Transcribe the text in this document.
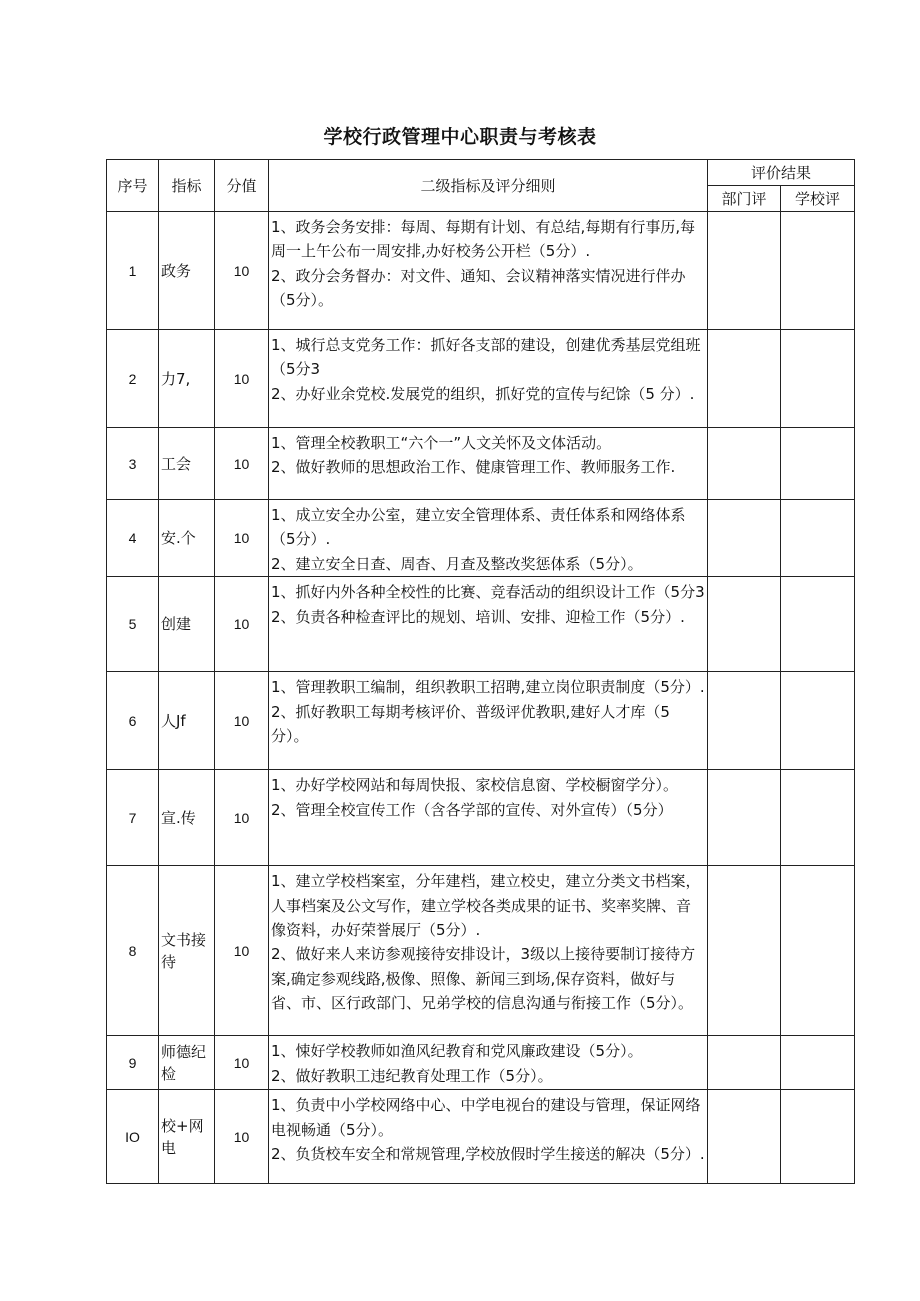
学校行政管理中心职责与考核表
序号	指标	分值	二级指标及评分细则	评价结果	
				部门评	学校评
1	政务	10	1、政务会务安排：每周、每期有计划、有总结,每期有行事历,每周一上午公布一周安排,办好校务公开栏（5分）.
2、政分会务督办：对文件、通知、会议精神落实情况进行伴办（5分）。		

2	力7,	10	1、城行总支党务工作：抓好各支部的建设，创建优秀基层党组班（5分3
2、办好业余党校.发展党的组织，抓好党的宣传与纪馀（5 分）.		

3	工会	10	1、管理全校教职工“六个一”人文关怀及文体活动。
2、做好教师的思想政治工作、健康管理工作、教师服务工作.		

4	安.个	10	1、成立安全办公室，建立安全管理体系、责任体系和网络体系（5分）.
2、建立安全日查、周杳、月查及整改奖惩体系（5分）。		

5	创建	10	1、抓好内外各种全校性的比赛、竞春活动的组织设计工作（5分3
2、负责各种检查评比的规划、培训、安排、迎检工作（5分）.		

6	人Jf	10	1、管理教职工编制，组织教职工招聘,建立岗位职责制度（5分）.
2、抓好教职工每期考核评价、普级评优教职,建好人才库（5分）。		

7	宣.传	10	1、办好学校网站和每周快报、家校信息窗、学校橱窗学分）。
2、管理全校宣传工作（含各学部的宣传、对外宣传）（5分）		

8	文书接待	10	1、建立学校档案室，分年建档，建立校史，建立分类文书档案，人事档案及公文写作，建立学校各类成果的证书、奖率奖牌、音像资料，办好荣誉展厅（5分）.
2、做好来人来访参观接待安排设计，3级以上接待要制订接待方案,确定参观线路,极像、照像、新闻三到场,保存资料，做好与省、市、区行政部门、兄弟学校的信息沟通与衔接工作（5分）。		

9	师德纪检	10	1、悚好学校教师如渔风纪教育和党风廉政建设（5分）。
2、做好教职工违纪教育处理工作（5分）。		

IO	校+网电	10	1、负责中小学校网络中心、中学电视台的建设与管理，保证网络电视畅通（5分）。
2、负货校车安全和常规管理,学校放假时学生接送的解决（5分）.		
